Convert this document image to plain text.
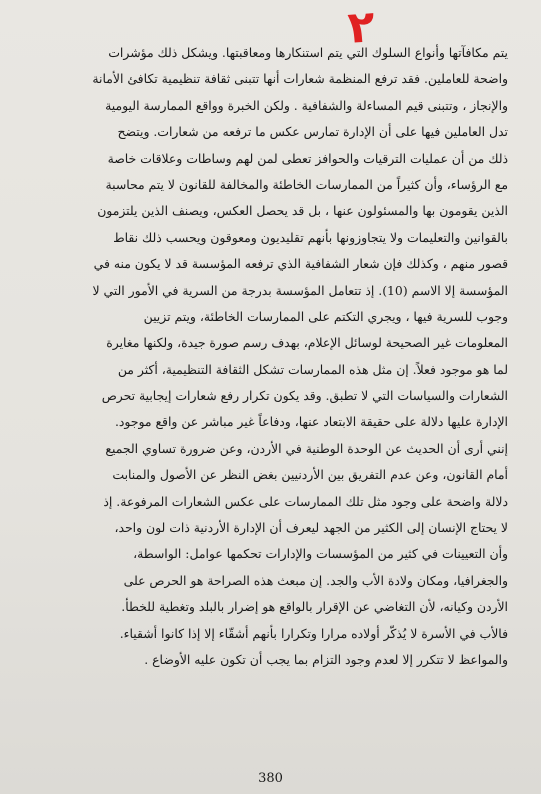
٢
يتم مكافآتها وأنواع السلوك التي يتم استنكارها ومعاقبتها. ويشكل ذلك مؤشرات
واضحة للعاملين. فقد ترفع المنظمة شعارات أنها تتبنى ثقافة تنظيمية تكافئ الأمانة
والإنجاز ، وتتبنى قيم المساءلة والشفافية . ولكن الخبرة وواقع الممارسة اليومية
تدل العاملين فيها على أن الإدارة تمارس عكس ما ترفعه من شعارات. ويتضح
ذلك من أن عمليات الترقيات والحوافز تعطى لمن لهم وساطات وعلاقات خاصة
مع الرؤساء، وأن كثيراً من الممارسات الخاطئة والمخالفة للقانون لا يتم محاسبة
الذين يقومون بها والمسئولون عنها ، بل قد يحصل العكس، ويصنف الذين يلتزمون
بالقوانين والتعليمات ولا يتجاوزونها بأنهم تقليديون ومعوقون ويحسب ذلك نقاط
قصور منهم ، وكذلك فإن شعار الشفافية الذي ترفعه المؤسسة قد لا يكون منه في
المؤسسة إلا الاسم (10). إذ تتعامل المؤسسة بدرجة من السرية في الأمور التي لا
وجوب للسرية فيها ، ويجري التكتم على الممارسات الخاطئة، ويتم تزيين
المعلومات غير الصحيحة لوسائل الإعلام، بهدف رسم صورة جيدة، ولكنها مغايرة
لما هو موجود فعلاً. إن مثل هذه الممارسات تشكل الثقافة التنظيمية، أكثر من
الشعارات والسياسات التي لا تطبق. وقد يكون تكرار رفع شعارات إيجابية تحرص
الإدارة عليها دلالة على حقيقة الابتعاد عنها، ودفاعاً غير مباشر عن واقع موجود.
إنني أرى أن الحديث عن الوحدة الوطنية في الأردن، وعن ضرورة تساوي الجميع
أمام القانون، وعن عدم التفريق بين الأردنيين بغض النظر عن الأصول والمنابت
دلالة واضحة على وجود مثل تلك الممارسات على عكس الشعارات المرفوعة. إذ
لا يحتاج الإنسان إلى الكثير من الجهد ليعرف أن الإدارة الأردنية ذات لون واحد،
وأن التعيينات في كثير من المؤسسات والإدارات تحكمها عوامل: الواسطة،
والجغرافيا، ومكان ولادة الأب والجد. إن مبعث هذه الصراحة هو الحرص على
الأردن وكيانه، لأن التغاضي عن الإقرار بالواقع هو إضرار بالبلد وتغطية للخطأ.
فالأب في الأسرة لا يُذكّر أولاده مرارا وتكرارا بأنهم أشقّاء إلا إذا كانوا أشقياء.
والمواعظ لا تتكرر إلا لعدم وجود التزام بما يجب أن تكون عليه الأوضاع .
380
